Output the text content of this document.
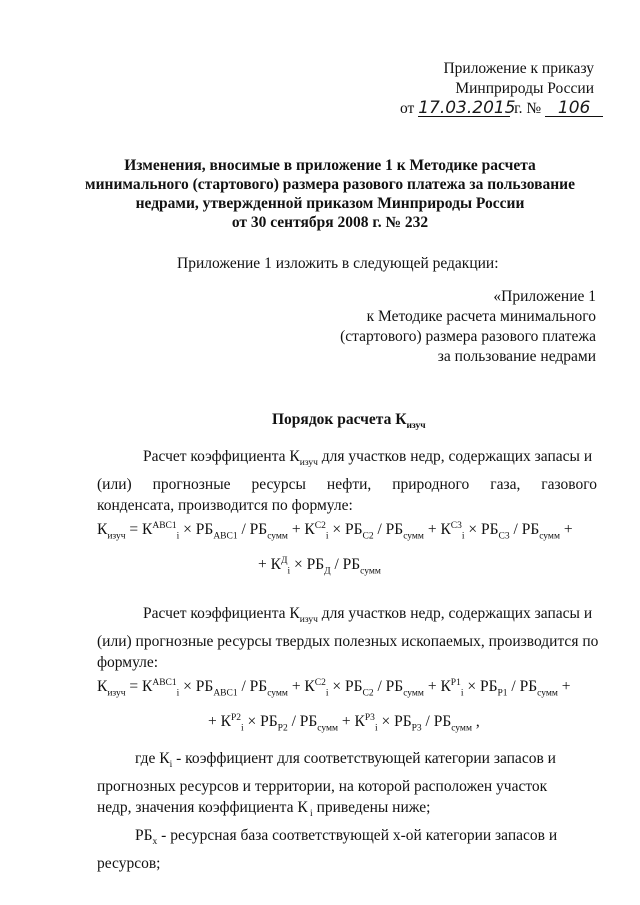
Приложение к приказу
Минприроды России
от 17.03.2015 г. № 106
Изменения, вносимые в приложение 1 к Методике расчета
минимального (стартового) размера разового платежа за пользование
недрами, утвержденной приказом Минприроды России
от 30 сентября 2008 г. № 232
Приложение 1 изложить в следующей редакции:
«Приложение 1
к Методике расчета минимального
(стартового) размера разового платежа
за пользование недрами
Порядок расчета $К_{изуч}$
Расчет коэффициента $К_{изуч}$ для участков недр, содержащих запасы и
(или) прогнозные ресурсы нефти, природного газа, газового
конденсата, производится по формуле:
$К_{изуч} = К^{АВС1}_i \times РБ_{АВС1} / РБ_{сумм} + К^{С2}_i \times РБ_{С2} / РБ_{сумм} + К^{С3}_i \times РБ_{С3} / РБ_{сумм}$ +
+ $К^Д_i \times РБ_Д / РБ_{сумм}$
Расчет коэффициента $К_{изуч}$ для участков недр, содержащих запасы и
(или) прогнозные ресурсы твердых полезных ископаемых, производится по
формуле:
$К_{изуч} = К^{АВС1}_i \times РБ_{АВС1} / РБ_{сумм} + К^{С2}_i \times РБ_{С2} / РБ_{сумм} + К^{Р1}_i \times РБ_{Р1} / РБ_{сумм}$ +
+ $К^{Р2}_i \times РБ_{Р2} / РБ_{сумм} + К^{Р3}_i \times РБ_{Р3} / РБ_{сумм}$ ,
где $К_i$ - коэффициент для соответствующей категории запасов и
прогнозных ресурсов и территории, на которой расположен участок
недр, значения коэффициента К $_i$ приведены ниже;
$РБ_х$ - ресурсная база соответствующей х-ой категории запасов и
ресурсов;
